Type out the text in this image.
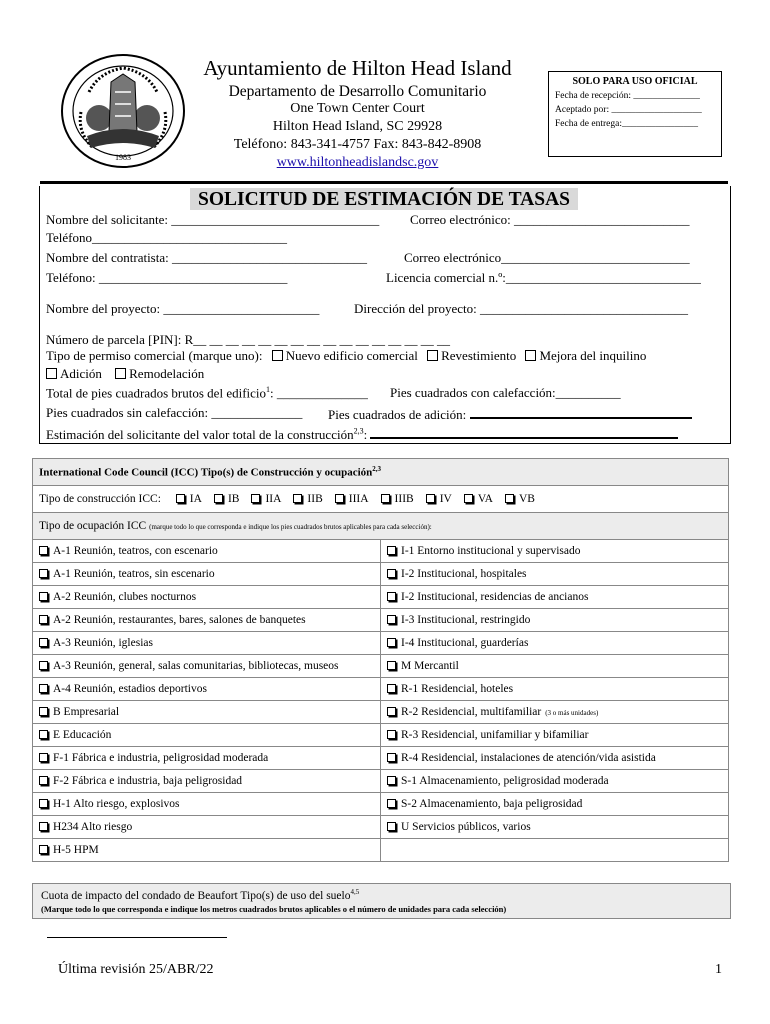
1983
Ayuntamiento de Hilton Head Island
Departamento de Desarrollo Comunitario
One Town Center Court
Hilton Head Island, SC 29928
Teléfono: 843-341-4757 Fax: 843-842-8908
www.hiltonheadislandsc.gov
SOLO PARA USO OFICIAL
Fecha de recepción: ______________
Aceptado por: ___________________
Fecha de entrega:________________
SOLICITUD DE ESTIMACIÓN DE TASAS
Nombre del solicitante: ________________________________ Correo electrónico: ___________________________
Teléfono______________________________
Nombre del contratista: ______________________________	Correo electrónico_____________________________
Teléfono: _____________________________	Licencia comercial n.º:______________________________
Nombre del proyecto: ________________________	Dirección del proyecto: ________________________________
Número de parcela [PIN]: R__ __ __ __ __ __ __ __ __ __ __ __ __ __ __ __
Tipo de permiso comercial (marque uno): Nuevo edificio comercial Revestimiento Mejora del inquilino
Adición Remodelación
Total de pies cuadrados brutos del edificio$^1$: ______________ Pies cuadrados con calefacción:__________
Pies cuadrados sin calefacción: ______________ Pies cuadrados de adición:
Estimación del solicitante del valor total de la construcción$^{2,3}$:
International Code Council (ICC) Tipo(s) de Construcción y ocupación$^{2,3}$
Tipo de construcción ICC: IA IB IIA IIB IIIA IIIB IV VA VB	
Tipo de ocupación ICC (marque todo lo que corresponda e indique los pies cuadrados brutos aplicables para cada selección):	
A-1 Reunión, teatros, con escenario	I-1 Entorno institucional y supervisado
A-1 Reunión, teatros, sin escenario	I-2 Institucional, hospitales
A-2 Reunión, clubes nocturnos	I-2 Institucional, residencias de ancianos
A-2 Reunión, restaurantes, bares, salones de banquetes	I-3 Institucional, restringido
A-3 Reunión, iglesias	I-4 Institucional, guarderías
A-3 Reunión, general, salas comunitarias, bibliotecas, museos	M Mercantil
A-4 Reunión, estadios deportivos	R-1 Residencial, hoteles
B Empresarial	R-2 Residencial, multifamiliar (3 o más unidades)
E Educación	R-3 Residencial, unifamiliar y bifamiliar
F-1 Fábrica e industria, peligrosidad moderada	R-4 Residencial, instalaciones de atención/vida asistida
F-2 Fábrica e industria, baja peligrosidad	S-1 Almacenamiento, peligrosidad moderada
H-1 Alto riesgo, explosivos	S-2 Almacenamiento, baja peligrosidad
H234 Alto riesgo	U Servicios públicos, varios
H-5 HPM	
Cuota de impacto del condado de Beaufort Tipo(s) de uso del suelo$^{4,5}$
(Marque todo lo que corresponda e indique los metros cuadrados brutos aplicables o el número de unidades para cada selección)
Última revisión 25/ABR/22	1
